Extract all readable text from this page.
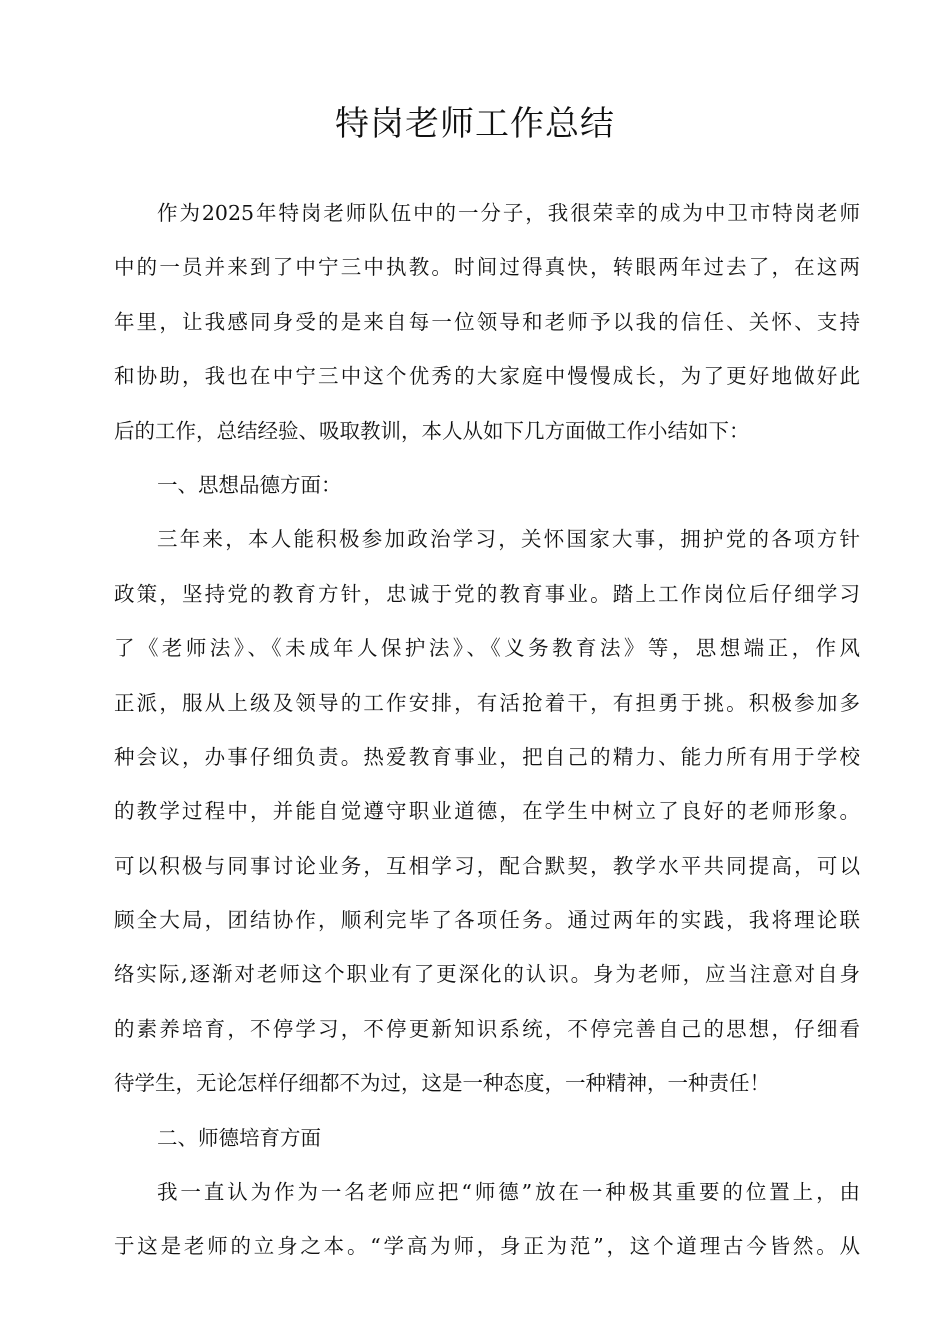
特岗老师工作总结
作为2025年特岗老师队伍中的一分子，我很荣幸的成为中卫市特岗老师
中的一员并来到了中宁三中执教。时间过得真快，转眼两年过去了，在这两
年里，让我感同身受的是来自每一位领导和老师予以我的信任、关怀、支持
和协助，我也在中宁三中这个优秀的大家庭中慢慢成长，为了更好地做好此
后的工作，总结经验、吸取教训，本人从如下几方面做工作小结如下：
一、思想品德方面：
三年来，本人能积极参加政治学习，关怀国家大事，拥护党的各项方针
政策，坚持党的教育方针，忠诚于党的教育事业。踏上工作岗位后仔细学习
了《老师法》、《未成年人保护法》、《义务教育法》等，思想端正，作风
正派，服从上级及领导的工作安排，有活抢着干，有担勇于挑。积极参加多
种会议，办事仔细负责。热爱教育事业，把自己的精力、能力所有用于学校
的教学过程中，并能自觉遵守职业道德，在学生中树立了良好的老师形象。
可以积极与同事讨论业务，互相学习，配合默契，教学水平共同提高，可以
顾全大局，团结协作，顺利完毕了各项任务。通过两年的实践，我将理论联
络实际,逐渐对老师这个职业有了更深化的认识。身为老师，应当注意对自身
的素养培育，不停学习，不停更新知识系统，不停完善自己的思想，仔细看
待学生，无论怎样仔细都不为过，这是一种态度，一种精神，一种责任！
二、师德培育方面
我一直认为作为一名老师应把“师德”放在一种极其重要的位置上，由
于这是老师的立身之本。“学高为师，身正为范”，这个道理古今皆然。从
